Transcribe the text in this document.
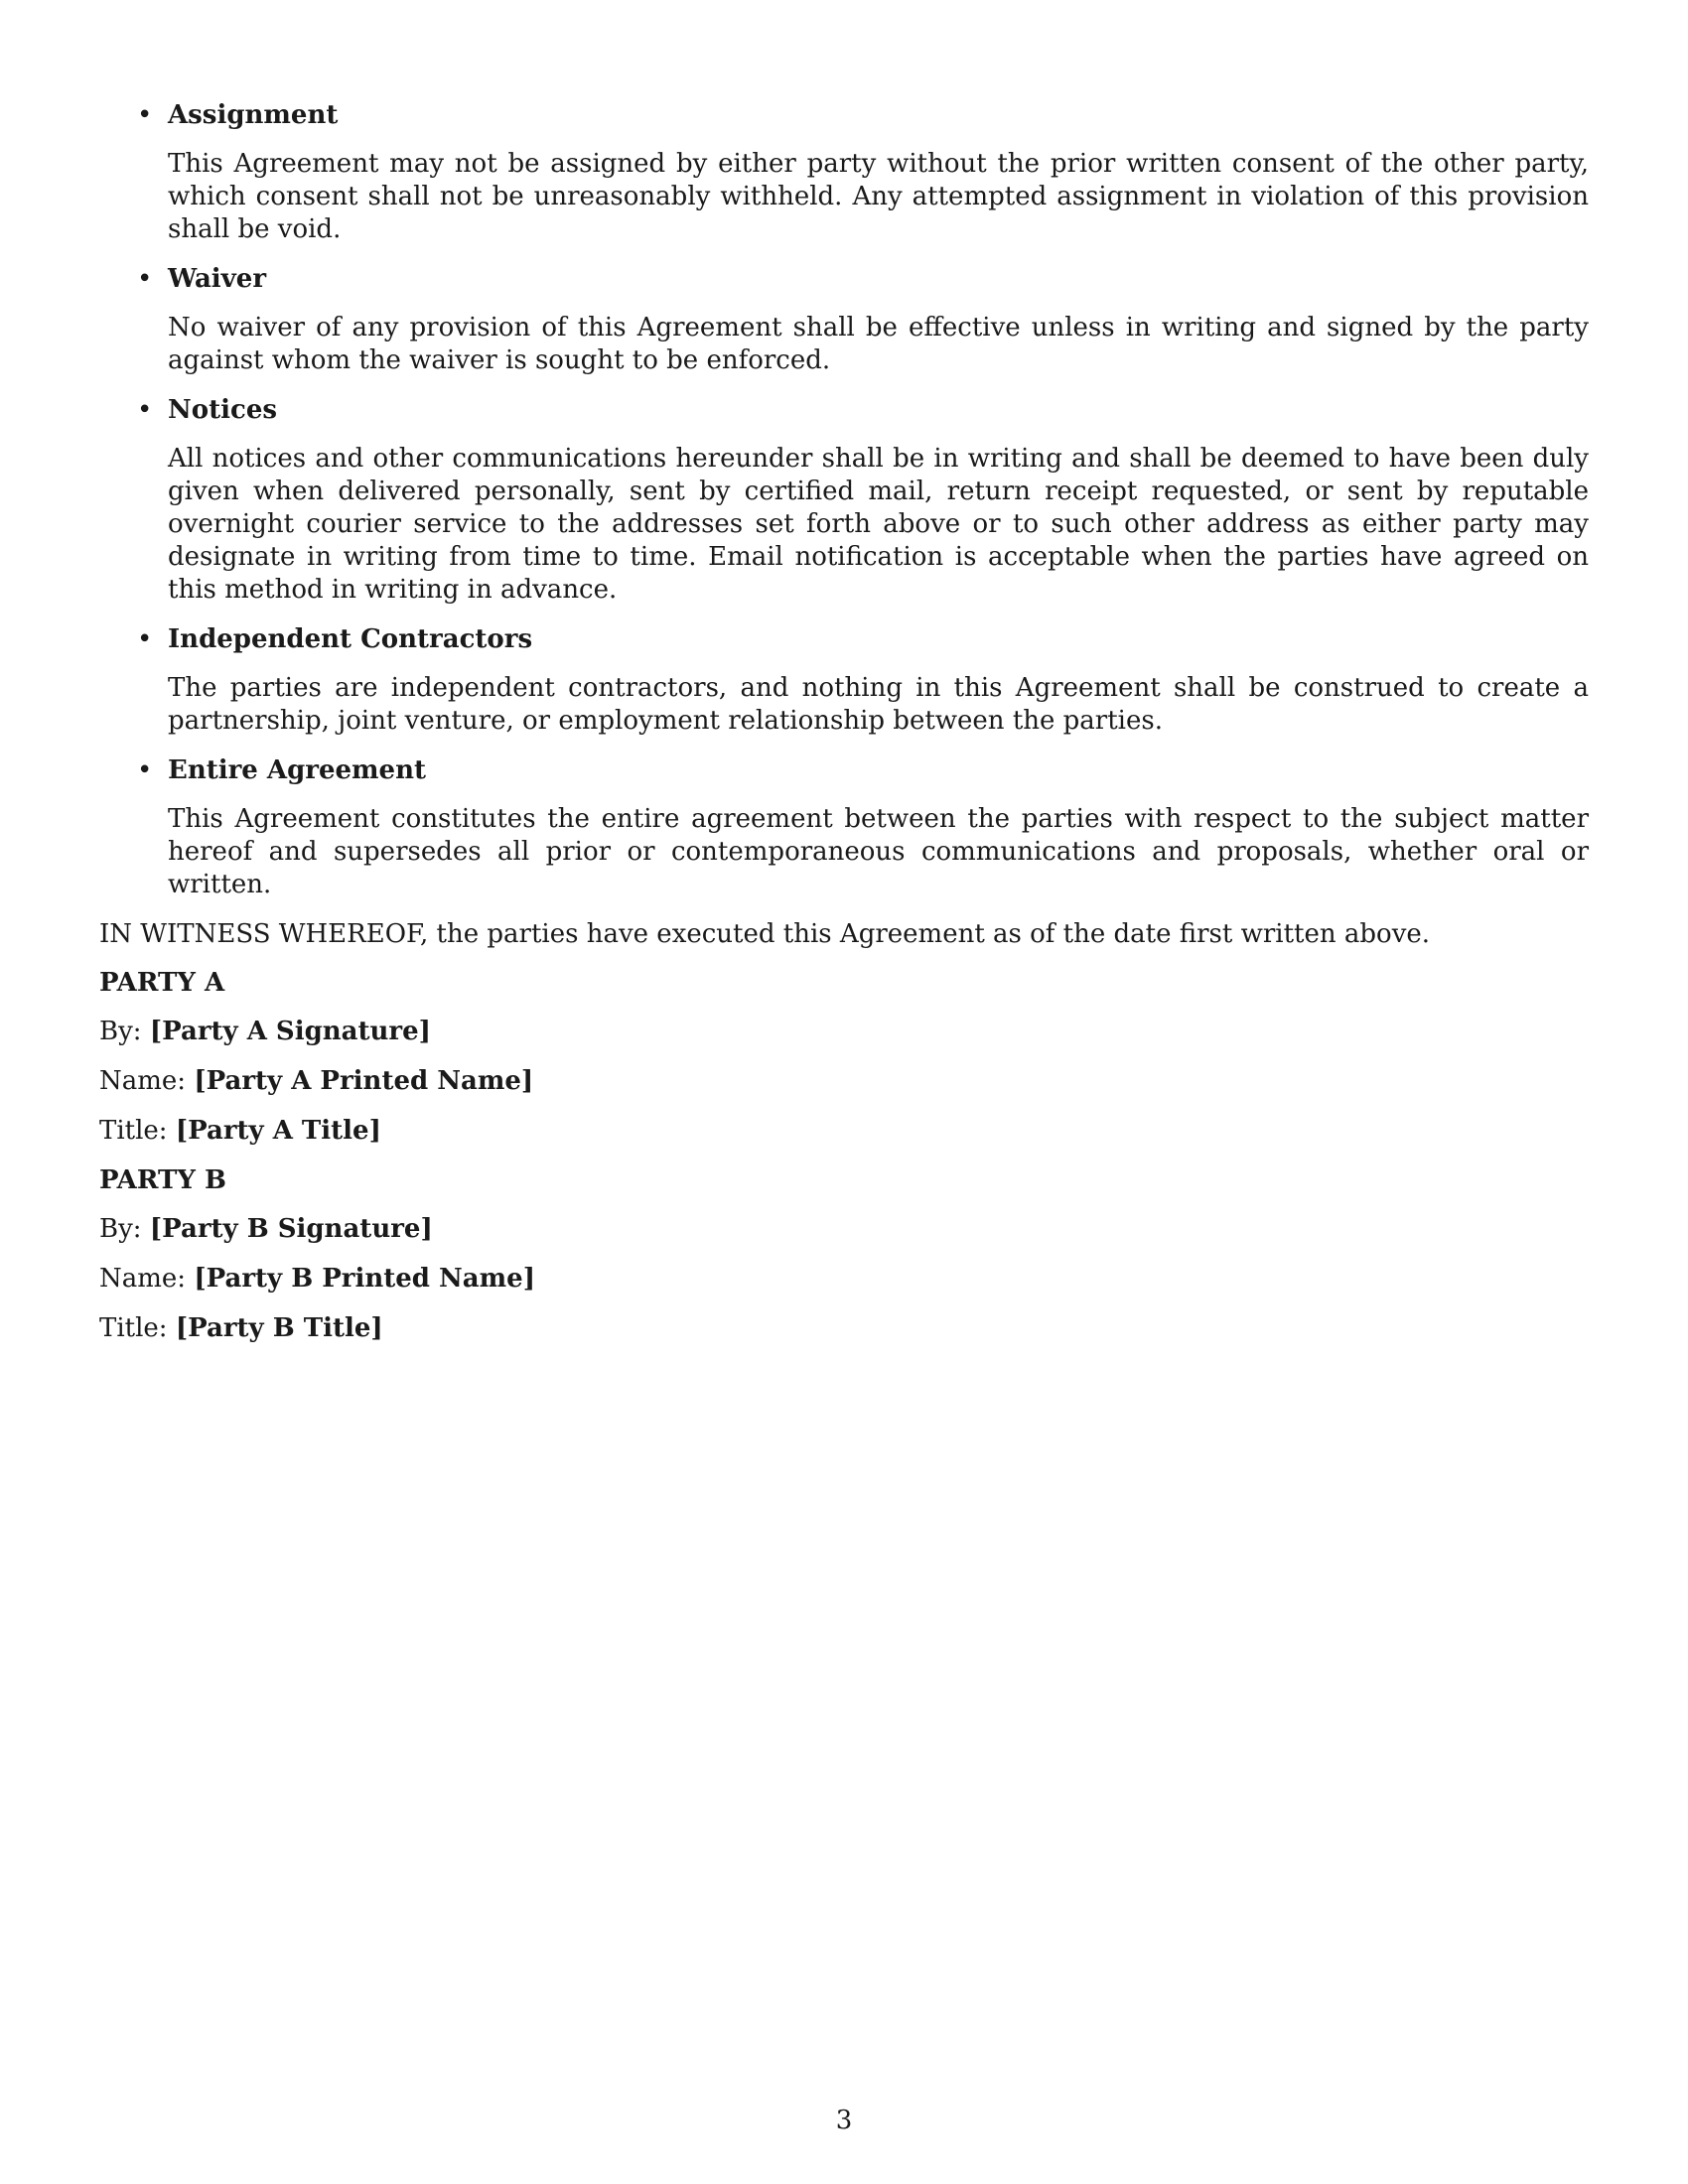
• Assignment

This Agreement may not be assigned by either party without the prior written consent of the other party, which consent shall not be unreasonably withheld. Any attempted assignment in violation of this provision shall be void.

• Waiver

No waiver of any provision of this Agreement shall be effective unless in writing and signed by the party against whom the waiver is sought to be enforced.

• Notices

All notices and other communications hereunder shall be in writing and shall be deemed to have been duly given when delivered personally, sent by certified mail, return receipt requested, or sent by reputable overnight courier service to the addresses set forth above or to such other address as either party may designate in writing from time to time. Email notification is acceptable when the parties have agreed on this method in writing in advance.

• Independent Contractors

The parties are independent contractors, and nothing in this Agreement shall be construed to create a partnership, joint venture, or employment relationship between the parties.

• Entire Agreement

This Agreement constitutes the entire agreement between the parties with respect to the subject matter hereof and supersedes all prior or contemporaneous communications and proposals, whether oral or written.

IN WITNESS WHEREOF, the parties have executed this Agreement as of the date first written above.

PARTY A

By: [Party A Signature]

Name: [Party A Printed Name]

Title: [Party A Title]

PARTY B

By: [Party B Signature]

Name: [Party B Printed Name]

Title: [Party B Title]

3
